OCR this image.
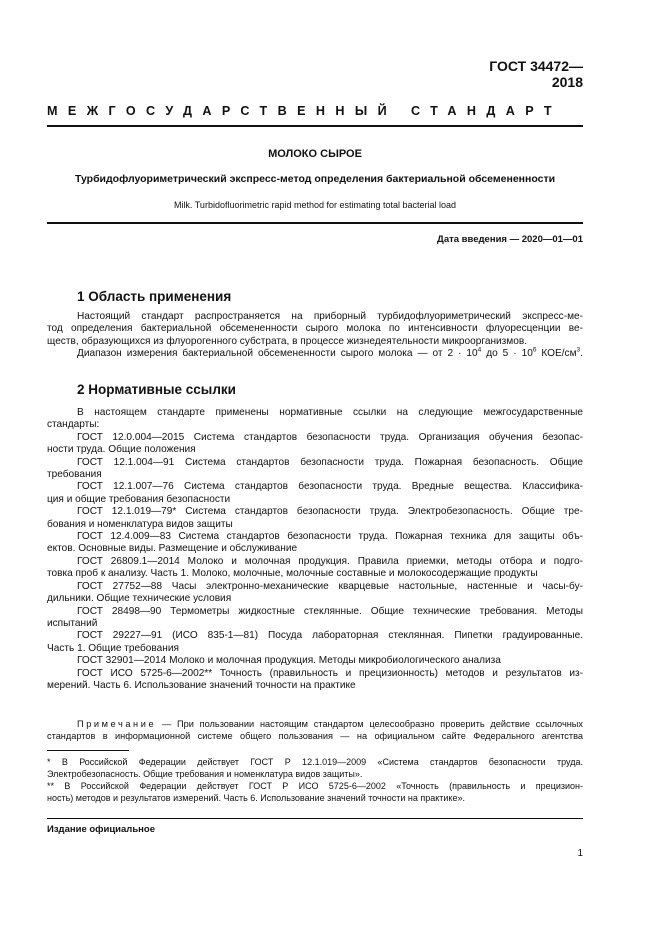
ГОСТ 34472—2018
МЕЖГОСУДАРСТВЕННЫЙ СТАНДАРТ
МОЛОКО СЫРОЕ
Турбидофлуориметрический экспресс-метод определения бактериальной обсемененности
Milk. Turbidofluorimetric rapid method for estimating total bacterial load
Дата введения — 2020—01—01
1 Область применения
Настоящий стандарт распространяется на приборный турбидофлуориметрический экспресс-ме-
тод определения бактериальной обсемененности сырого молока по интенсивности флуоресценции ве-
ществ, образующихся из флуорогенного субстрата, в процессе жизнедеятельности микроорганизмов.
Диапазон измерения бактериальной обсемененности сырого молока — от $2 \cdot 10^4$ до $5 \cdot 10^6$ КОЕ/$см^3$.
2 Нормативные ссылки
В настоящем стандарте применены нормативные ссылки на следующие межгосударственные
стандарты:
ГОСТ 12.0.004—2015 Система стандартов безопасности труда. Организация обучения безопас-
ности труда. Общие положения
ГОСТ 12.1.004—91 Система стандартов безопасности труда. Пожарная безопасность. Общие
требования
ГОСТ 12.1.007—76 Система стандартов безопасности труда. Вредные вещества. Классифика-
ция и общие требования безопасности
ГОСТ 12.1.019—79* Система стандартов безопасности труда. Электробезопасность. Общие тре-
бования и номенклатура видов защиты
ГОСТ 12.4.009—83 Система стандартов безопасности труда. Пожарная техника для защиты объ-
ектов. Основные виды. Размещение и обслуживание
ГОСТ 26809.1—2014 Молоко и молочная продукция. Правила приемки, методы отбора и подго-
товка проб к анализу. Часть 1. Молоко, молочные, молочные составные и молокосодержащие продукты
ГОСТ 27752—88 Часы электронно-механические кварцевые настольные, настенные и часы-бу-
дильники. Общие технические условия
ГОСТ 28498—90 Термометры жидкостные стеклянные. Общие технические требования. Методы
испытаний
ГОСТ 29227—91 (ИСО 835-1—81) Посуда лабораторная стеклянная. Пипетки градуированные.
Часть 1. Общие требования
ГОСТ 32901—2014 Молоко и молочная продукция. Методы микробиологического анализа
ГОСТ ИСО 5725-6—2002** Точность (правильность и прецизионность) методов и результатов из-
мерений. Часть 6. Использование значений точности на практике
Примечание — При пользовании настоящим стандартом целесообразно проверить действие ссылочных
стандартов в информационной системе общего пользования — на официальном сайте Федерального агентства
* В Российской Федерации действует ГОСТ Р 12.1.019—2009 «Система стандартов безопасности труда.
Электробезопасность. Общие требования и номенклатура видов защиты».
** В Российской Федерации действует ГОСТ Р ИСО 5725-6—2002 «Точность (правильность и прецизион-
ность) методов и результатов измерений. Часть 6. Использование значений точности на практике».
Издание официальное
1
